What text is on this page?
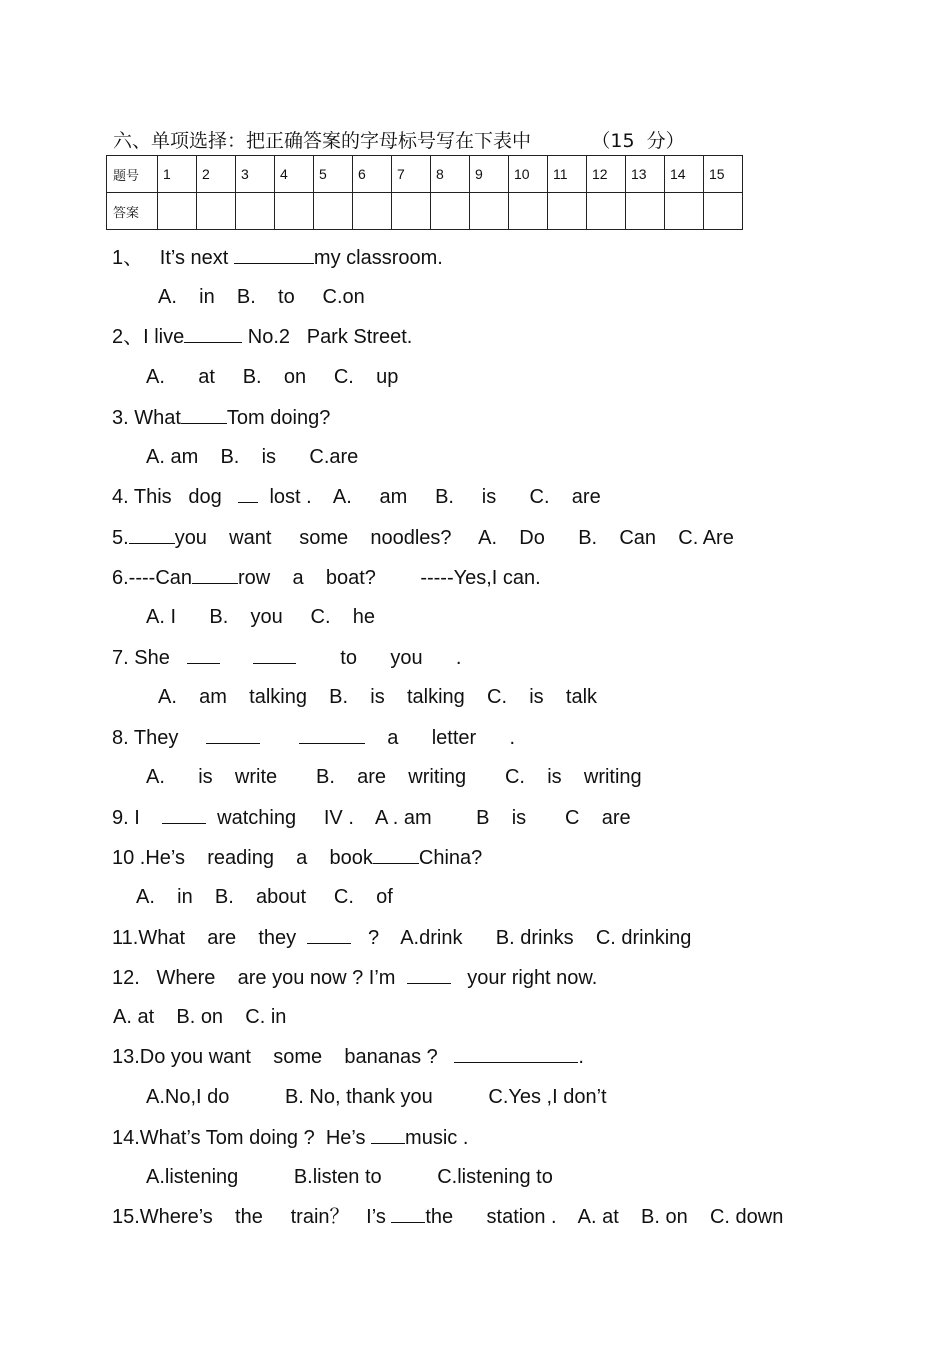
六、单项选择：把正确答案的字母标号写在下表中          （15  分）
题号	1	2	3	4	5	6	7	8	9	10	11	12	13	14	15
答案															
1、   It’s next	my classroom.
A.    in    B.    to     C.on
2、I live	No.2   Park Street.
A.      at     B.    on     C.    up
3. What Tom doing?
A. am    B.    is      C.are
4. This   dog     lost .    A.     am     B.     is      C.    are
5. you    want     some    noodles?     A.    Do      B.    Can    C. Are
6.----Can row    a    boat?        -----Yes,I can.
A. I      B.    you     C.    he
7. She	to      you      .
A.    am    talking    B.    is    talking    C.    is    talk
8. They	a      letter      .
A.      is    write       B.    are    writing       C.    is    writing
9. I      watching     IV .    A . am        B    is       C    are
10 .He’s    reading    a    book China?
A.    in    B.    about     C.    of
11.What    are    they     ?    A.drink      B. drinks    C. drinking
12.   Where    are you now ? I’m     your right now.
A. at    B. on    C. in
13.Do you want    some    bananas ?	.
A.No,I do          B. No, thank you          C.Yes ,I don’t
14.What’s Tom doing ?  He’s music .
A.listening          B.listen to          C.listening to
15.Where’s    the     train？   I’s the      station .    A. at    B. on    C. down
